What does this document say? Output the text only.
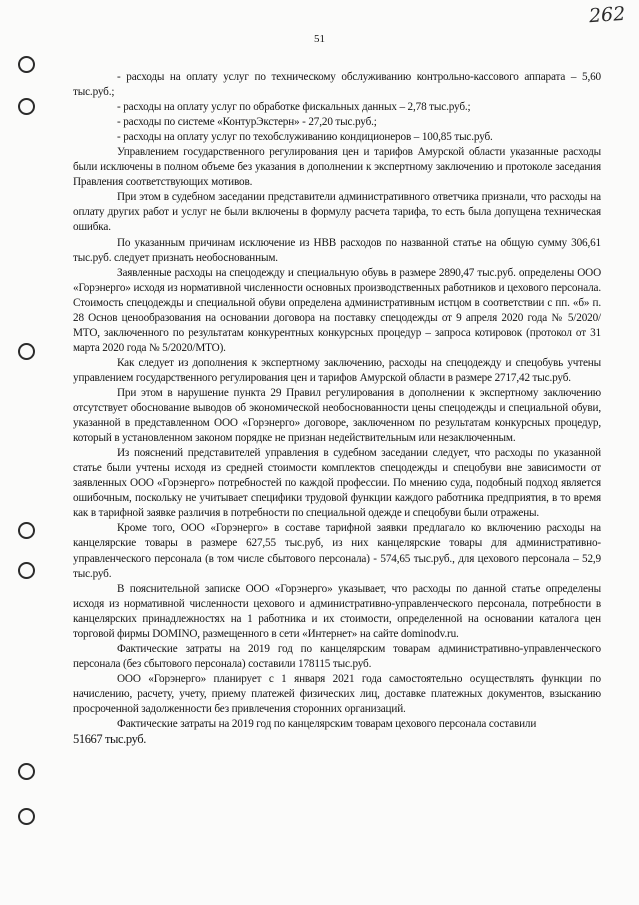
262
51

- расходы на оплату услуг по техническому обслуживанию контрольно-кассового аппарата – 5,60 тыс.руб.;

- расходы на оплату услуг по обработке фискальных данных – 2,78 тыс.руб.;

- расходы по системе «КонтурЭкстерн» - 27,20 тыс.руб.;

- расходы на оплату услуг по техобслуживанию кондиционеров – 100,85 тыс.руб.

Управлением государственного регулирования цен и тарифов Амурской области указанные расходы были исключены в полном объеме без указания в дополнении к экспертному заключению и протоколе заседания Правления соответствующих мотивов.

При этом в судебном заседании представители административного ответчика признали, что расходы на оплату других работ и услуг не были включены в формулу расчета тарифа, то есть была допущена техническая ошибка.

По указанным причинам исключение из НВВ расходов по названной статье на общую сумму 306,61 тыс.руб. следует признать необоснованным.

Заявленные расходы на спецодежду и специальную обувь в размере 2890,47 тыс.руб. определены ООО «Горэнерго» исходя из нормативной численности основных производственных работников и цехового персонала. Стоимость спецодежды и специальной обуви определена административным истцом в соответствии с пп. «б» п. 28 Основ ценообразования на основании договора на поставку спецодежды от 9 апреля 2020 года № 5/2020/МТО, заключенного по результатам конкурентных конкурсных процедур – запроса котировок (протокол от 31 марта 2020 года № 5/2020/МТО).

Как следует из дополнения к экспертному заключению, расходы на спецодежду и спецобувь учтены управлением государственного регулирования цен и тарифов Амурской области в размере 2717,42 тыс.руб.

При этом в нарушение пункта 29 Правил регулирования в дополнении к экспертному заключению отсутствует обоснование выводов об экономической необоснованности цены спецодежды и специальной обуви, указанной в представленном ООО «Горэнерго» договоре, заключенном по результатам конкурсных процедур, который в установленном законом порядке не признан недействительным или незаключенным.

Из пояснений представителей управления в судебном заседании следует, что расходы по указанной статье были учтены исходя из средней стоимости комплектов спецодежды и спецобуви вне зависимости от заявленных ООО «Горэнерго» потребностей по каждой профессии. По мнению суда, подобный подход является ошибочным, поскольку не учитывает специфики трудовой функции каждого работника предприятия, в то время как в тарифной заявке различия в потребности по специальной одежде и спецобуви были отражены.

Кроме того, ООО «Горэнерго» в составе тарифной заявки предлагало ко включению расходы на канцелярские товары в размере 627,55 тыс.руб, из них канцелярские товары для административно-управленческого персонала (в том числе сбытового персонала) - 574,65 тыс.руб., для цехового персонала – 52,9 тыс.руб.

В пояснительной записке ООО «Горэнерго» указывает, что расходы по данной статье определены исходя из нормативной численности цехового и административно-управленческого персонала, потребности в канцелярских принадлежностях на 1 работника и их стоимости, определенной на основании каталога цен торговой фирмы DOMINO, размещенного в сети «Интернет» на сайте dominodv.ru.

Фактические затраты на 2019 год по канцелярским товарам административно-управленческого персонала (без сбытового персонала) составили 178115 тыс.руб.

ООО «Горэнерго» планирует с 1 января 2021 года самостоятельно осуществлять функции по начислению, расчету, учету, приему платежей физических лиц, доставке платежных документов, взысканию просроченной задолженности без привлечения сторонних организаций.

Фактические затраты на 2019 год по канцелярским товарам цехового персонала составили

51667 тыс.руб.
